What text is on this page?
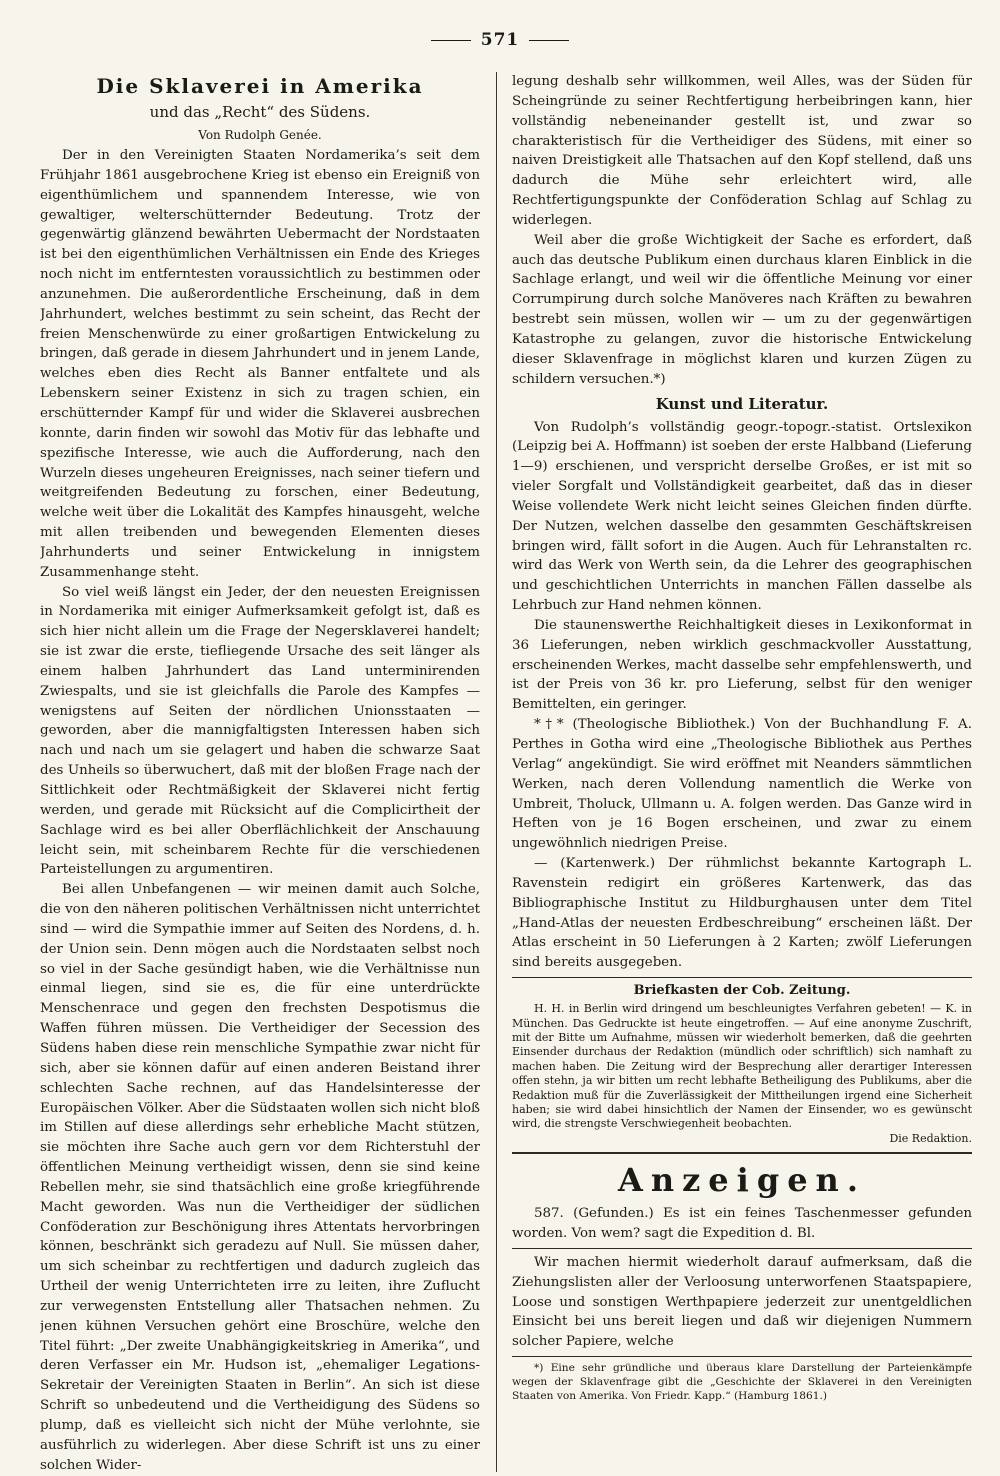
571
Die Sklaverei in Amerika
und das „Recht“ des Südens.
Von Rudolph Genée.

Der in den Vereinigten Staaten Nordamerika’s seit dem Frühjahr 1861 ausgebrochene Krieg ist ebenso ein Ereigniß von eigenthümlichem und spannendem Interesse, wie von gewaltiger, welterschütternder Bedeutung. Trotz der gegenwärtig glänzend bewährten Uebermacht der Nordstaaten ist bei den eigenthümlichen Verhältnissen ein Ende des Krieges noch nicht im entferntesten voraussichtlich zu bestimmen oder anzunehmen. Die außerordentliche Erscheinung, daß in dem Jahrhundert, welches bestimmt zu sein scheint, das Recht der freien Menschenwürde zu einer großartigen Entwickelung zu bringen, daß gerade in diesem Jahrhundert und in jenem Lande, welches eben dies Recht als Banner entfaltete und als Lebenskern seiner Existenz in sich zu tragen schien, ein erschütternder Kampf für und wider die Sklaverei ausbrechen konnte, darin finden wir sowohl das Motiv für das lebhafte und spezifische Interesse, wie auch die Aufforderung, nach den Wurzeln dieses ungeheuren Ereignisses, nach seiner tiefern und weitgreifenden Bedeutung zu forschen, einer Bedeutung, welche weit über die Lokalität des Kampfes hinausgeht, welche mit allen treibenden und bewegenden Elementen dieses Jahrhunderts und seiner Entwickelung in innigstem Zusammenhange steht.

So viel weiß längst ein Jeder, der den neuesten Ereignissen in Nordamerika mit einiger Aufmerksamkeit gefolgt ist, daß es sich hier nicht allein um die Frage der Negersklaverei handelt; sie ist zwar die erste, tiefliegende Ursache des seit länger als einem halben Jahrhundert das Land unterminirenden Zwiespalts, und sie ist gleichfalls die Parole des Kampfes — wenigstens auf Seiten der nördlichen Unionsstaaten — geworden, aber die mannigfaltigsten Interessen haben sich nach und nach um sie gelagert und haben die schwarze Saat des Unheils so überwuchert, daß mit der bloßen Frage nach der Sittlichkeit oder Rechtmäßigkeit der Sklaverei nicht fertig werden, und gerade mit Rücksicht auf die Complicirtheit der Sachlage wird es bei aller Oberflächlichkeit der Anschauung leicht sein, mit scheinbarem Rechte für die verschiedenen Parteistellungen zu argumentiren.

Bei allen Unbefangenen — wir meinen damit auch Solche, die von den näheren politischen Verhältnissen nicht unterrichtet sind — wird die Sympathie immer auf Seiten des Nordens, d. h. der Union sein. Denn mögen auch die Nordstaaten selbst noch so viel in der Sache gesündigt haben, wie die Verhältnisse nun einmal liegen, sind sie es, die für eine unterdrückte Menschenrace und gegen den frechsten Despotismus die Waffen führen müssen. Die Vertheidiger der Secession des Südens haben diese rein menschliche Sympathie zwar nicht für sich, aber sie können dafür auf einen anderen Beistand ihrer schlechten Sache rechnen, auf das Handelsinteresse der Europäischen Völker. Aber die Südstaaten wollen sich nicht bloß im Stillen auf diese allerdings sehr erhebliche Macht stützen, sie möchten ihre Sache auch gern vor dem Richterstuhl der öffentlichen Meinung vertheidigt wissen, denn sie sind keine Rebellen mehr, sie sind thatsächlich eine große kriegführende Macht geworden. Was nun die Vertheidiger der südlichen Conföderation zur Beschönigung ihres Attentats hervorbringen können, beschränkt sich geradezu auf Null. Sie müssen daher, um sich scheinbar zu rechtfertigen und dadurch zugleich das Urtheil der wenig Unterrichteten irre zu leiten, ihre Zuflucht zur verwegensten Entstellung aller Thatsachen nehmen. Zu jenen kühnen Versuchen gehört eine Broschüre, welche den Titel führt: „Der zweite Unabhängigkeitskrieg in Amerika“, und deren Verfasser ein Mr. Hudson ist, „ehemaliger Legations-Sekretair der Vereinigten Staaten in Berlin“. An sich ist diese Schrift so unbedeutend und die Vertheidigung des Südens so plump, daß es vielleicht sich nicht der Mühe verlohnte, sie ausführlich zu widerlegen. Aber diese Schrift ist uns zu einer solchen Wider-

legung deshalb sehr willkommen, weil Alles, was der Süden für Scheingründe zu seiner Rechtfertigung herbeibringen kann, hier vollständig nebeneinander gestellt ist, und zwar so charakteristisch für die Vertheidiger des Südens, mit einer so naiven Dreistigkeit alle Thatsachen auf den Kopf stellend, daß uns dadurch die Mühe sehr erleichtert wird, alle Rechtfertigungspunkte der Conföderation Schlag auf Schlag zu widerlegen.

Weil aber die große Wichtigkeit der Sache es erfordert, daß auch das deutsche Publikum einen durchaus klaren Einblick in die Sachlage erlangt, und weil wir die öffentliche Meinung vor einer Corrumpirung durch solche Manöveres nach Kräften zu bewahren bestrebt sein müssen, wollen wir — um zu der gegenwärtigen Katastrophe zu gelangen, zuvor die historische Entwickelung dieser Sklavenfrage in möglichst klaren und kurzen Zügen zu schildern versuchen.*)

Kunst und Literatur.

Von Rudolph’s vollständig geogr.-topogr.-statist. Ortslexikon (Leipzig bei A. Hoffmann) ist soeben der erste Halbband (Lieferung 1—9) erschienen, und verspricht derselbe Großes, er ist mit so vieler Sorgfalt und Vollständigkeit gearbeitet, daß das in dieser Weise vollendete Werk nicht leicht seines Gleichen finden dürfte. Der Nutzen, welchen dasselbe den gesammten Geschäftskreisen bringen wird, fällt sofort in die Augen. Auch für Lehranstalten rc. wird das Werk von Werth sein, da die Lehrer des geographischen und geschichtlichen Unterrichts in manchen Fällen dasselbe als Lehrbuch zur Hand nehmen können.

Die staunenswerthe Reichhaltigkeit dieses in Lexikonformat in 36 Lieferungen, neben wirklich geschmackvoller Ausstattung, erscheinenden Werkes, macht dasselbe sehr empfehlenswerth, und ist der Preis von 36 kr. pro Lieferung, selbst für den weniger Bemittelten, ein geringer.

*†* (Theologische Bibliothek.) Von der Buchhandlung F. A. Perthes in Gotha wird eine „Theologische Bibliothek aus Perthes Verlag“ angekündigt. Sie wird eröffnet mit Neanders sämmtlichen Werken, nach deren Vollendung namentlich die Werke von Umbreit, Tholuck, Ullmann u. A. folgen werden. Das Ganze wird in Heften von je 16 Bogen erscheinen, und zwar zu einem ungewöhnlich niedrigen Preise.

— (Kartenwerk.) Der rühmlichst bekannte Kartograph L. Ravenstein redigirt ein größeres Kartenwerk, das das Bibliographische Institut zu Hildburghausen unter dem Titel „Hand-Atlas der neuesten Erdbeschreibung“ erscheinen läßt. Der Atlas erscheint in 50 Lieferungen à 2 Karten; zwölf Lieferungen sind bereits ausgegeben.

Briefkasten der Cob. Zeitung.

H. H. in Berlin wird dringend um beschleunigtes Verfahren gebeten! — K. in München. Das Gedruckte ist heute eingetroffen. — Auf eine anonyme Zuschrift, mit der Bitte um Aufnahme, müssen wir wiederholt bemerken, daß die geehrten Einsender durchaus der Redaktion (mündlich oder schriftlich) sich namhaft zu machen haben. Die Zeitung wird der Besprechung aller derartiger Interessen offen stehn, ja wir bitten um recht lebhafte Betheiligung des Publikums, aber die Redaktion muß für die Zuverlässigkeit der Mittheilungen irgend eine Sicherheit haben; sie wird dabei hinsichtlich der Namen der Einsender, wo es gewünscht wird, die strengste Verschwiegenheit beobachten.

Die Redaktion.
Anzeigen.

587. (Gefunden.) Es ist ein feines Taschenmesser gefunden worden. Von wem? sagt die Expedition d. Bl.

Wir machen hiermit wiederholt darauf aufmerksam, daß die Ziehungslisten aller der Verloosung unterworfenen Staatspapiere, Loose und sonstigen Werthpapiere jederzeit zur unentgeldlichen Einsicht bei uns bereit liegen und daß wir diejenigen Nummern solcher Papiere, welche

*) Eine sehr gründliche und überaus klare Darstellung der Parteienkämpfe wegen der Sklavenfrage gibt die „Geschichte der Sklaverei in den Vereinigten Staaten von Amerika. Von Friedr. Kapp.“ (Hamburg 1861.)
